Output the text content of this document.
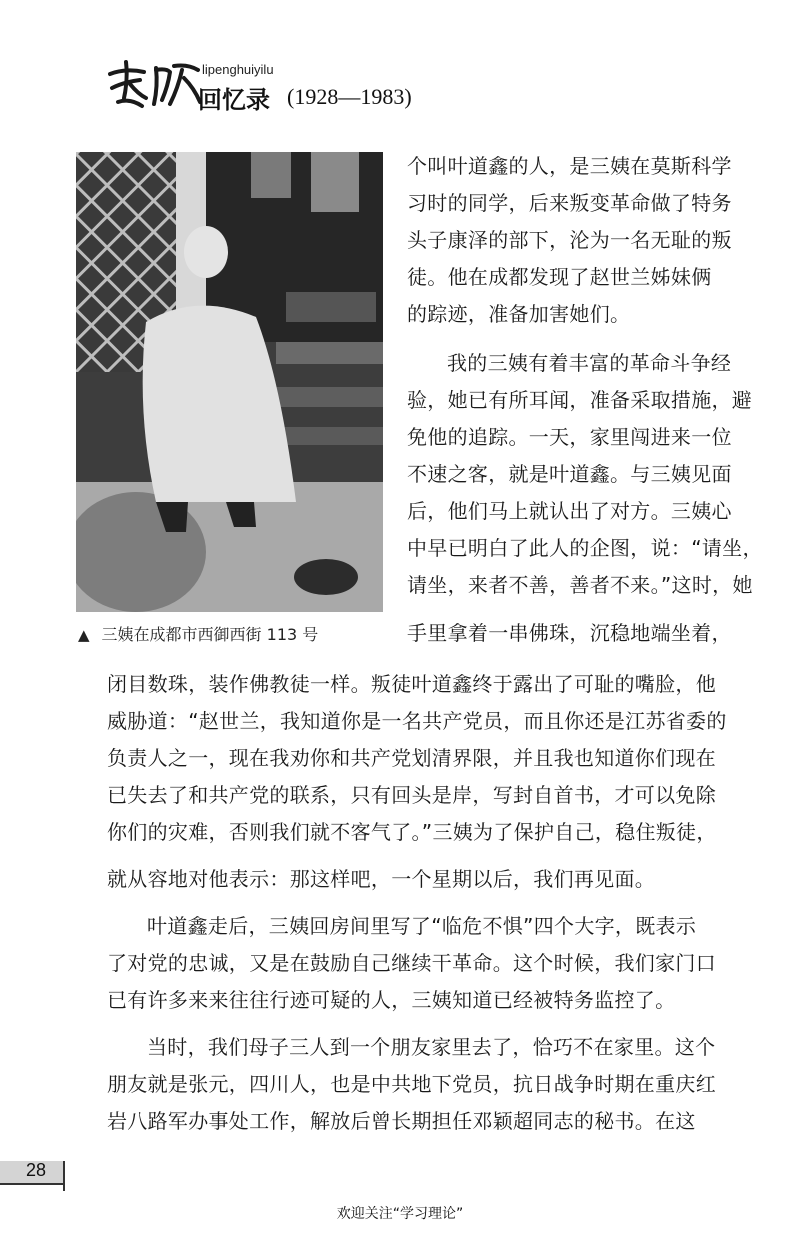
lipenghuiyilu
回忆录 (1928—1983)
▲ 三姨在成都市西御西街 113 号
个叫叶道鑫的人，是三姨在莫斯科学
习时的同学，后来叛变革命做了特务
头子康泽的部下，沦为一名无耻的叛
徒。他在成都发现了赵世兰姊妹俩
的踪迹，准备加害她们。
我的三姨有着丰富的革命斗争经
验，她已有所耳闻，准备采取措施，避
免他的追踪。一天，家里闯进来一位
不速之客，就是叶道鑫。与三姨见面
后，他们马上就认出了对方。三姨心
中早已明白了此人的企图，说：“请坐，
请坐，来者不善，善者不来。”这时，她
手里拿着一串佛珠，沉稳地端坐着，
闭目数珠，装作佛教徒一样。叛徒叶道鑫终于露出了可耻的嘴脸，他
威胁道：“赵世兰，我知道你是一名共产党员，而且你还是江苏省委的
负责人之一，现在我劝你和共产党划清界限，并且我也知道你们现在
已失去了和共产党的联系，只有回头是岸，写封自首书，才可以免除
你们的灾难，否则我们就不客气了。”三姨为了保护自己，稳住叛徒，
就从容地对他表示：那这样吧，一个星期以后，我们再见面。
叶道鑫走后，三姨回房间里写了“临危不惧”四个大字，既表示
了对党的忠诚，又是在鼓励自己继续干革命。这个时候，我们家门口
已有许多来来往往行迹可疑的人，三姨知道已经被特务监控了。
当时，我们母子三人到一个朋友家里去了，恰巧不在家里。这个
朋友就是张元，四川人，也是中共地下党员，抗日战争时期在重庆红
岩八路军办事处工作，解放后曾长期担任邓颖超同志的秘书。在这
28
欢迎关注“学习理论”
